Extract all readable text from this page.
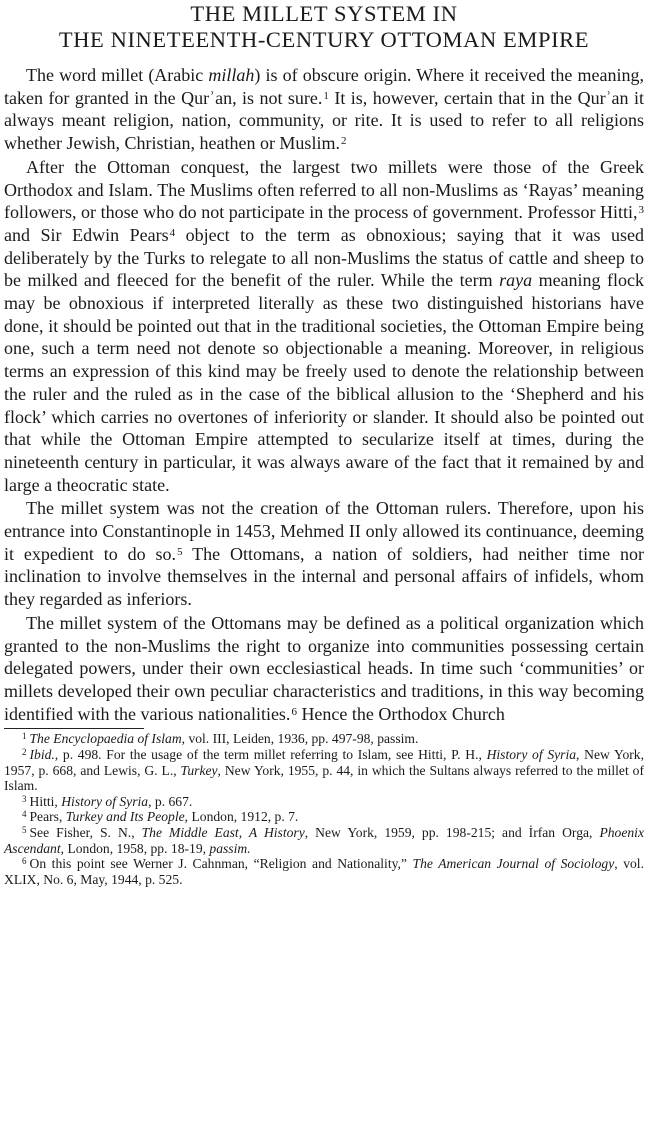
THE MILLET SYSTEM IN
THE NINETEENTH-CENTURY OTTOMAN EMPIRE

The word millet (Arabic millah) is of obscure origin. Where it received the meaning, taken for granted in the Qurʾan, is not sure.$^1$ It is, however, certain that in the Qurʾan it always meant religion, nation, community, or rite. It is used to refer to all religions whether Jewish, Christian, heathen or Muslim.$^2$

After the Ottoman conquest, the largest two millets were those of the Greek Orthodox and Islam. The Muslims often referred to all non-Muslims as ‘Rayas’ meaning followers, or those who do not participate in the process of government. Professor Hitti,$^3$ and Sir Edwin Pears$^4$ object to the term as obnoxious; saying that it was used deliberately by the Turks to relegate to all non-Muslims the status of cattle and sheep to be milked and fleeced for the benefit of the ruler. While the term raya meaning flock may be obnoxious if interpreted literally as these two distinguished historians have done, it should be pointed out that in the traditional societies, the Ottoman Empire being one, such a term need not denote so objectionable a meaning. Moreover, in religious terms an expression of this kind may be freely used to denote the relationship between the ruler and the ruled as in the case of the biblical allusion to the ‘Shepherd and his flock’ which carries no overtones of inferiority or slander. It should also be pointed out that while the Ottoman Empire attempted to secularize itself at times, during the nineteenth century in particular, it was always aware of the fact that it remained by and large a theocratic state.

The millet system was not the creation of the Ottoman rulers. Therefore, upon his entrance into Constantinople in 1453, Mehmed II only allowed its continuance, deeming it expedient to do so.$^5$ The Ottomans, a nation of soldiers, had neither time nor inclination to involve themselves in the internal and personal affairs of infidels, whom they regarded as inferiors.

The millet system of the Ottomans may be defined as a political organization which granted to the non-Muslims the right to organize into communities possessing certain delegated powers, under their own ecclesiastical heads. In time such ‘communities’ or millets developed their own peculiar characteristics and traditions, in this way becoming identified with the various nationalities.$^6$ Hence the Orthodox Church

$^1$ The Encyclopaedia of Islam, vol. III, Leiden, 1936, pp. 497-98, passim.

$^2$ Ibid., p. 498. For the usage of the term millet referring to Islam, see Hitti, P. H., History of Syria, New York, 1957, p. 668, and Lewis, G. L., Turkey, New York, 1955, p. 44, in which the Sultans always referred to the millet of Islam.

$^3$ Hitti, History of Syria, p. 667.

$^4$ Pears, Turkey and Its People, London, 1912, p. 7.

$^5$ See Fisher, S. N., The Middle East, A History, New York, 1959, pp. 198-215; and İrfan Orga, Phoenix Ascendant, London, 1958, pp. 18-19, passim.

$^6$ On this point see Werner J. Cahnman, “Religion and Nationality,” The American Journal of Sociology, vol. XLIX, No. 6, May, 1944, p. 525.
